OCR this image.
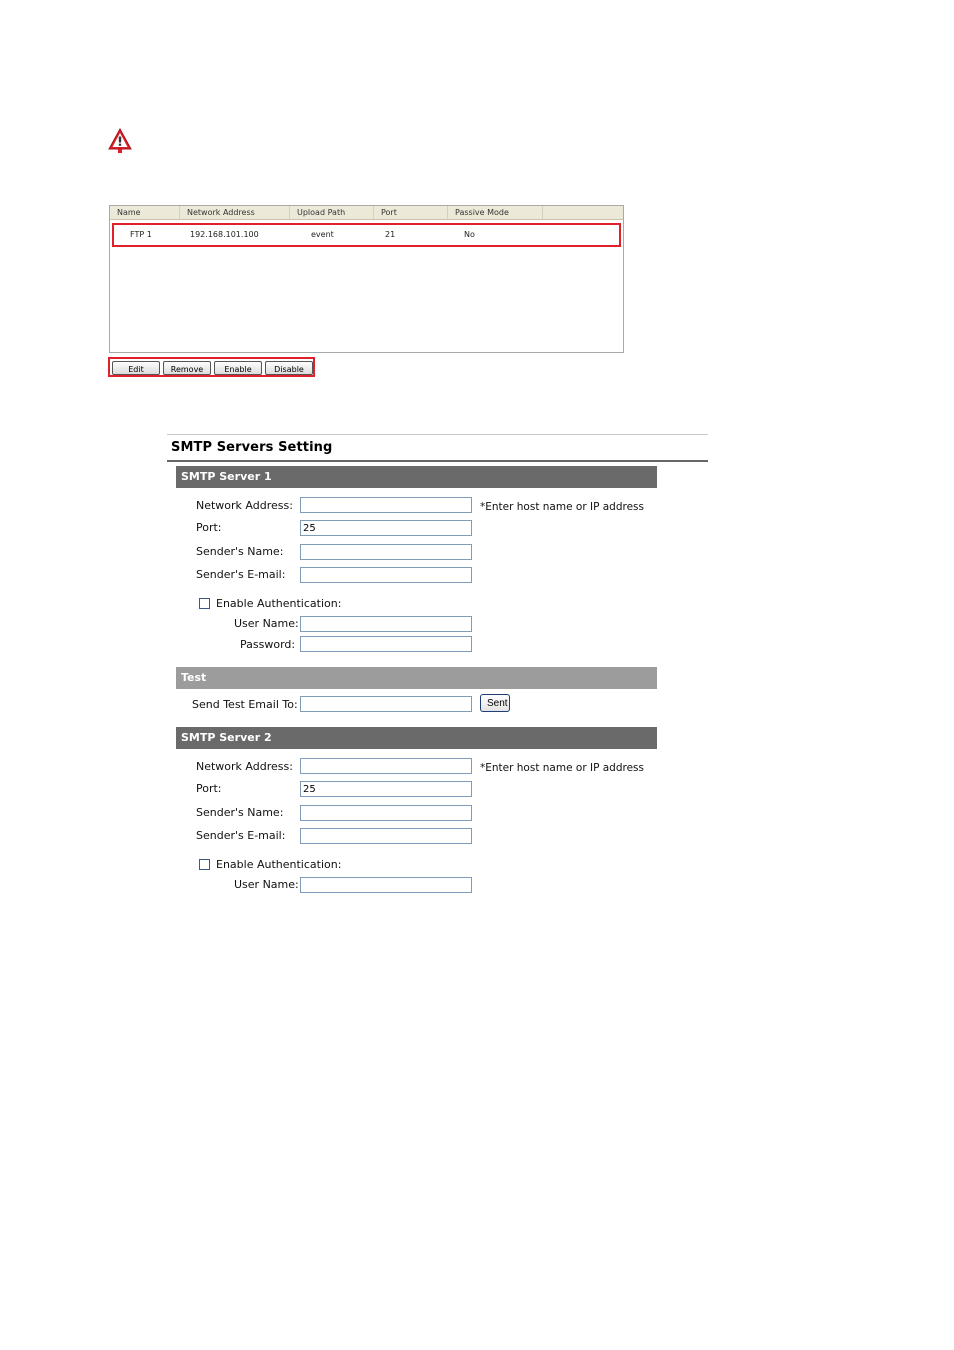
Name	Network Address	Upload Path	Port	Passive Mode
FTP 1	192.168.101.100	event	21	No
Edit	Remove	Enable	Disable
SMTP Servers Setting
SMTP Server 1
Network Address:	*Enter host name or IP address
Port:
25
Sender's Name:
Sender's E-mail:
Enable Authentication:
User Name:
Password:
Test
Send Test Email To:	Sent
SMTP Server 2
Network Address:	*Enter host name or IP address
Port:
25
Sender's Name:
Sender's E-mail:
Enable Authentication:
User Name:
